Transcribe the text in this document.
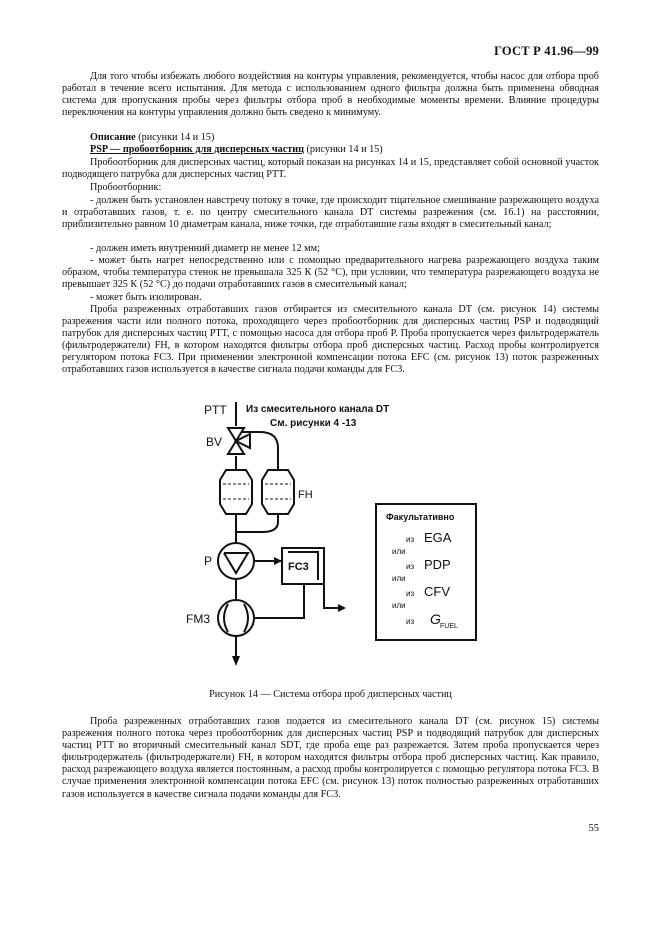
ГОСТ Р 41.96—99

Для того чтобы избежать любого воздействия на контуры управления, рекомендуется, чтобы насос для отбора проб работал в течение всего испытания. Для метода с использованием одного фильтра должна быть применена обводная система для пропускания пробы через фильтры отбора проб в необходимые моменты времени. Влияние процедуры переключения на контуры управления должно быть сведено к минимуму.

Описание (рисунки 14 и 15)

PSP — пробоотборник для дисперсных частиц (рисунки 14 и 15)

Пробоотборник для дисперсных частиц, который показан на рисунках 14 и 15, представляет собой основной участок подводящего патрубка для дисперсных частиц PTT.

Пробоотборник:

- должен быть установлен навстречу потоку в точке, где происходит тщательное смешивание разрежающего воздуха и отработавших газов, т. е. по центру смесительного канала DT системы разрежения (см. 16.1) на расстоянии, приблизительно равном 10 диаметрам канала, ниже точки, где отработавшие газы входят в смесительный канал;

- должен иметь внутренний диаметр не менее 12 мм;

- может быть нагрет непосредственно или с помощью предварительного нагрева разрежающего воздуха таким образом, чтобы температура стенок не превышала 325 К (52 °С), при условии, что температура разрежающего воздуха не превышает 325 К (52 °С) до подачи отработавших газов в смесительный канал;

- может быть изолирован.

Проба разреженных отработавших газов отбирается из смесительного канала DT (см. рисунок 14) системы разрежения части или полного потока, проходящего через пробоотборник для дисперсных частиц PSP и подводящий патрубок для дисперсных частиц PTT, с помощью насоса для отбора проб P. Проба пропускается через фильтродержатель (фильтродержатели) FH, в котором находятся фильтры отбора проб дисперсных частиц. Расход пробы контролируется регулятором потока FC3. При применении электронной компенсации потока EFC (см. рисунок 13) поток разреженных отработавших газов используется в качестве сигнала подачи команды для FC3.

PTT Из смесительного канала DT
См. рисунки 4 -13
BV
FH
P	FC3
FM3
Факультативно
из EGA
или
из PDP
или
из CFV
или
из G FUEL
Рисунок 14 — Система отбора проб дисперсных частиц

Проба разреженных отработавших газов подается из смесительного канала DT (см. рисунок 15) системы разрежения полного потока через пробоотборник для дисперсных частиц PSP и подводящий патрубок для дисперсных частиц PTT во вторичный смесительный канал SDT, где проба еще раз разрежается. Затем проба пропускается через фильтродержатель (фильтродержатели) FH, в котором находятся фильтры отбора проб дисперсных частиц. Как правило, расход разрежающего воздуха является постоянным, а расход пробы контролируется с помощью регулятора потока FC3. В случае применения электронной компенсации потока EFC (см. рисунок 13) поток полностью разреженных отработавших газов используется в качестве сигнала подачи команды для FC3.

55
